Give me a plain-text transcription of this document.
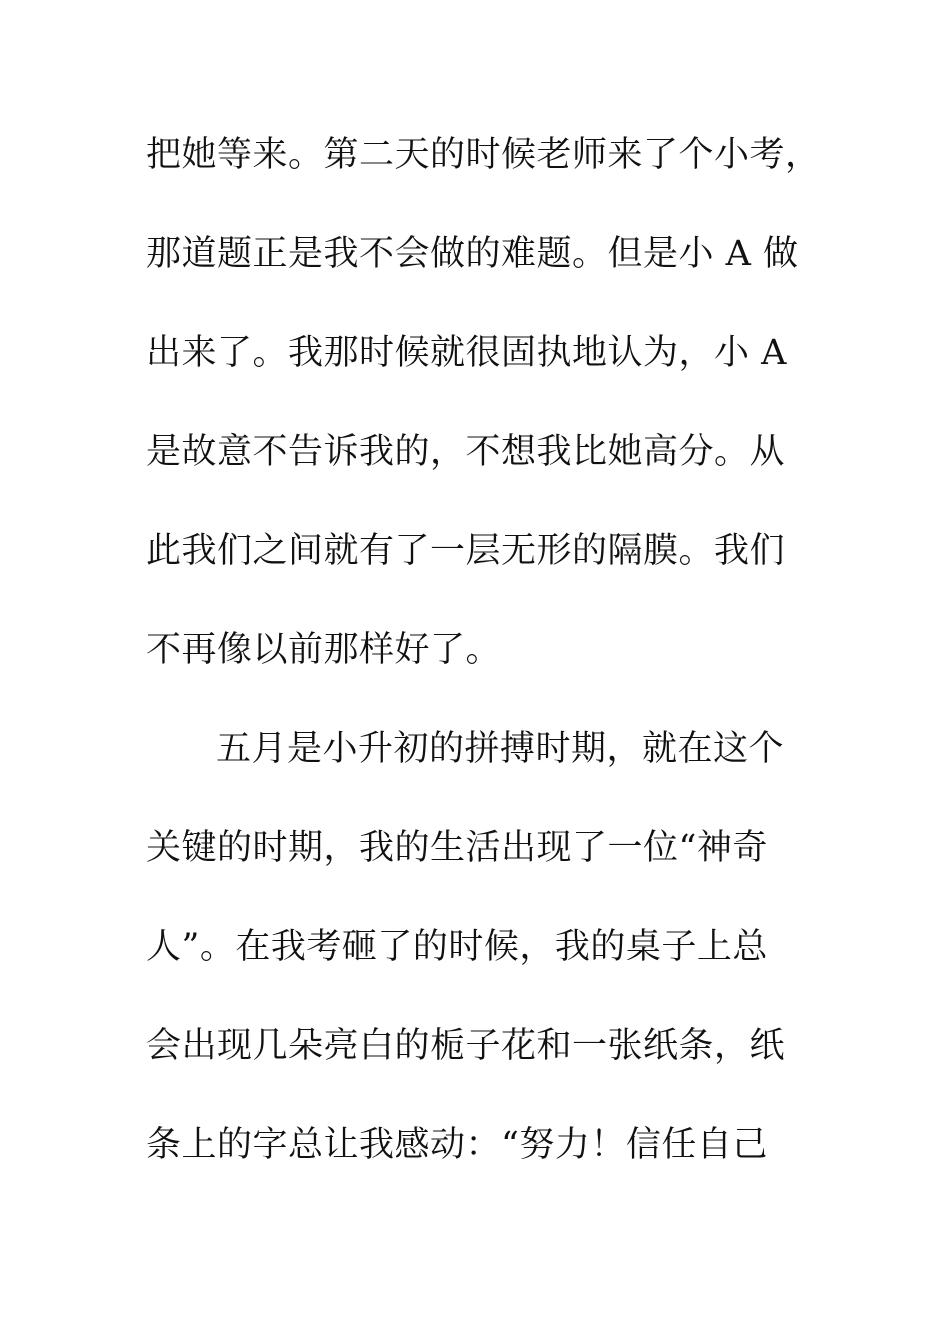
把她等来。第二天的时候老师来了个小考，
那道题正是我不会做的难题。但是小 A 做
出来了。我那时候就很固执地认为，小 A
是故意不告诉我的，不想我比她高分。从
此我们之间就有了一层无形的隔膜。我们
不再像以前那样好了。
五月是小升初的拼搏时期，就在这个
关键的时期，我的生活出现了一位“神奇
人”。在我考砸了的时候，我的桌子上总
会出现几朵亮白的栀子花和一张纸条，纸
条上的字总让我感动：“努力！信任自己
